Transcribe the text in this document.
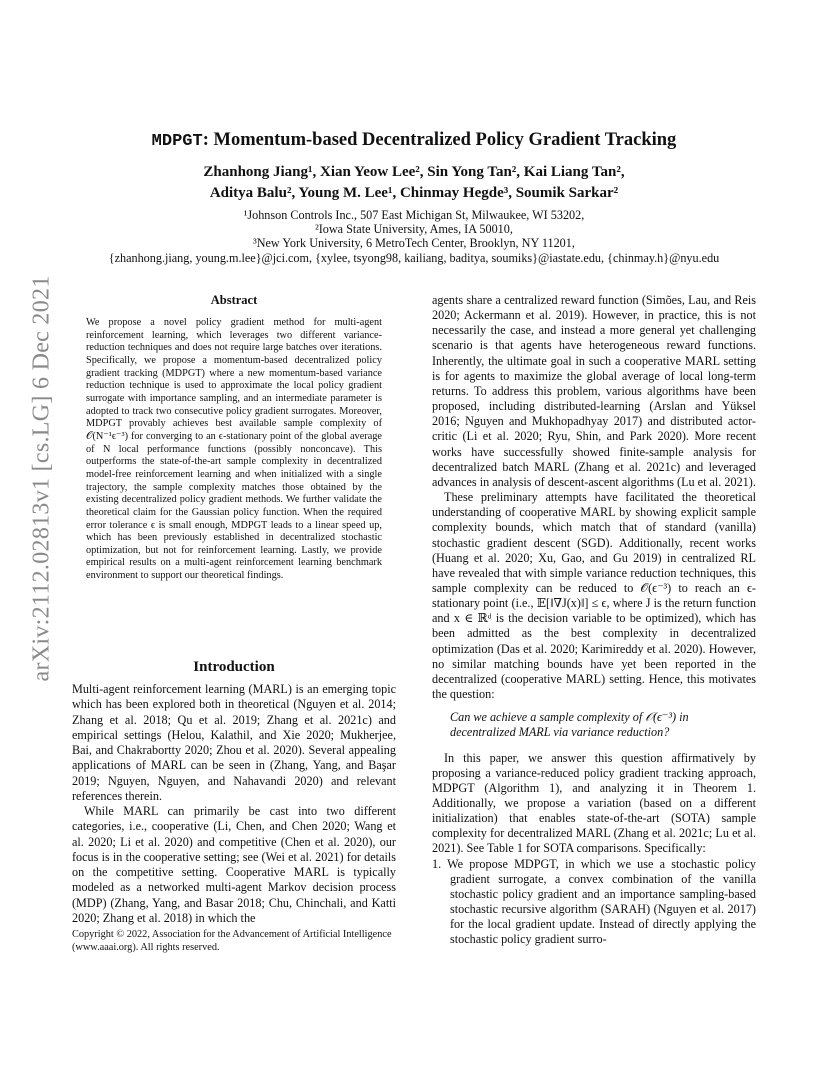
arXiv:2112.02813v1 [cs.LG] 6 Dec 2021
MDPGT: Momentum-based Decentralized Policy Gradient Tracking
Zhanhong Jiang¹, Xian Yeow Lee², Sin Yong Tan², Kai Liang Tan²,
Aditya Balu², Young M. Lee¹, Chinmay Hegde³, Soumik Sarkar²
¹Johnson Controls Inc., 507 East Michigan St, Milwaukee, WI 53202,
²Iowa State University, Ames, IA 50010,
³New York University, 6 MetroTech Center, Brooklyn, NY 11201,
{zhanhong.jiang, young.m.lee}@jci.com, {xylee, tsyong98, kailiang, baditya, soumiks}@iastate.edu, {chinmay.h}@nyu.edu
Abstract
We propose a novel policy gradient method for multi-agent reinforcement learning, which leverages two different variance-reduction techniques and does not require large batches over iterations. Specifically, we propose a momentum-based decentralized policy gradient tracking (MDPGT) where a new momentum-based variance reduction technique is used to approximate the local policy gradient surrogate with importance sampling, and an intermediate parameter is adopted to track two consecutive policy gradient surrogates. Moreover, MDPGT provably achieves best available sample complexity of 𝒪(N⁻¹ϵ⁻³) for converging to an ϵ-stationary point of the global average of N local performance functions (possibly nonconcave). This outperforms the state-of-the-art sample complexity in decentralized model-free reinforcement learning and when initialized with a single trajectory, the sample complexity matches those obtained by the existing decentralized policy gradient methods. We further validate the theoretical claim for the Gaussian policy function. When the required error tolerance ϵ is small enough, MDPGT leads to a linear speed up, which has been previously established in decentralized stochastic optimization, but not for reinforcement learning. Lastly, we provide empirical results on a multi-agent reinforcement learning benchmark environment to support our theoretical findings.
Introduction

Multi-agent reinforcement learning (MARL) is an emerging topic which has been explored both in theoretical (Nguyen et al. 2014; Zhang et al. 2018; Qu et al. 2019; Zhang et al. 2021c) and empirical settings (Helou, Kalathil, and Xie 2020; Mukherjee, Bai, and Chakrabortty 2020; Zhou et al. 2020). Several appealing applications of MARL can be seen in (Zhang, Yang, and Başar 2019; Nguyen, Nguyen, and Nahavandi 2020) and relevant references therein.

While MARL can primarily be cast into two different categories, i.e., cooperative (Li, Chen, and Chen 2020; Wang et al. 2020; Li et al. 2020) and competitive (Chen et al. 2020), our focus is in the cooperative setting; see (Wei et al. 2021) for details on the competitive setting. Cooperative MARL is typically modeled as a networked multi-agent Markov decision process (MDP) (Zhang, Yang, and Basar 2018; Chu, Chinchali, and Katti 2020; Zhang et al. 2018) in which the

Copyright © 2022, Association for the Advancement of Artificial Intelligence (www.aaai.org). All rights reserved.

agents share a centralized reward function (Simões, Lau, and Reis 2020; Ackermann et al. 2019). However, in practice, this is not necessarily the case, and instead a more general yet challenging scenario is that agents have heterogeneous reward functions. Inherently, the ultimate goal in such a cooperative MARL setting is for agents to maximize the global average of local long-term returns. To address this problem, various algorithms have been proposed, including distributed-learning (Arslan and Yüksel 2016; Nguyen and Mukhopadhyay 2017) and distributed actor-critic (Li et al. 2020; Ryu, Shin, and Park 2020). More recent works have successfully showed finite-sample analysis for decentralized batch MARL (Zhang et al. 2021c) and leveraged advances in analysis of descent-ascent algorithms (Lu et al. 2021).

These preliminary attempts have facilitated the theoretical understanding of cooperative MARL by showing explicit sample complexity bounds, which match that of standard (vanilla) stochastic gradient descent (SGD). Additionally, recent works (Huang et al. 2020; Xu, Gao, and Gu 2019) in centralized RL have revealed that with simple variance reduction techniques, this sample complexity can be reduced to 𝒪(ϵ⁻³) to reach an ϵ-stationary point (i.e., 𝔼[‖∇J(x)‖] ≤ ϵ, where J is the return function and x ∈ ℝᵈ is the decision variable to be optimized), which has been admitted as the best complexity in decentralized optimization (Das et al. 2020; Karimireddy et al. 2020). However, no similar matching bounds have yet been reported in the decentralized (cooperative MARL) setting. Hence, this motivates the question:

Can we achieve a sample complexity of 𝒪(ϵ⁻³) in decentralized MARL via variance reduction?

In this paper, we answer this question affirmatively by proposing a variance-reduced policy gradient tracking approach, MDPGT (Algorithm 1), and analyzing it in Theorem 1. Additionally, we propose a variation (based on a different initialization) that enables state-of-the-art (SOTA) sample complexity for decentralized MARL (Zhang et al. 2021c; Lu et al. 2021). See Table 1 for SOTA comparisons. Specifically:

1. We propose MDPGT, in which we use a stochastic policy gradient surrogate, a convex combination of the vanilla stochastic policy gradient and an importance sampling-based stochastic recursive algorithm (SARAH) (Nguyen et al. 2017) for the local gradient update. Instead of directly applying the stochastic policy gradient surro-
